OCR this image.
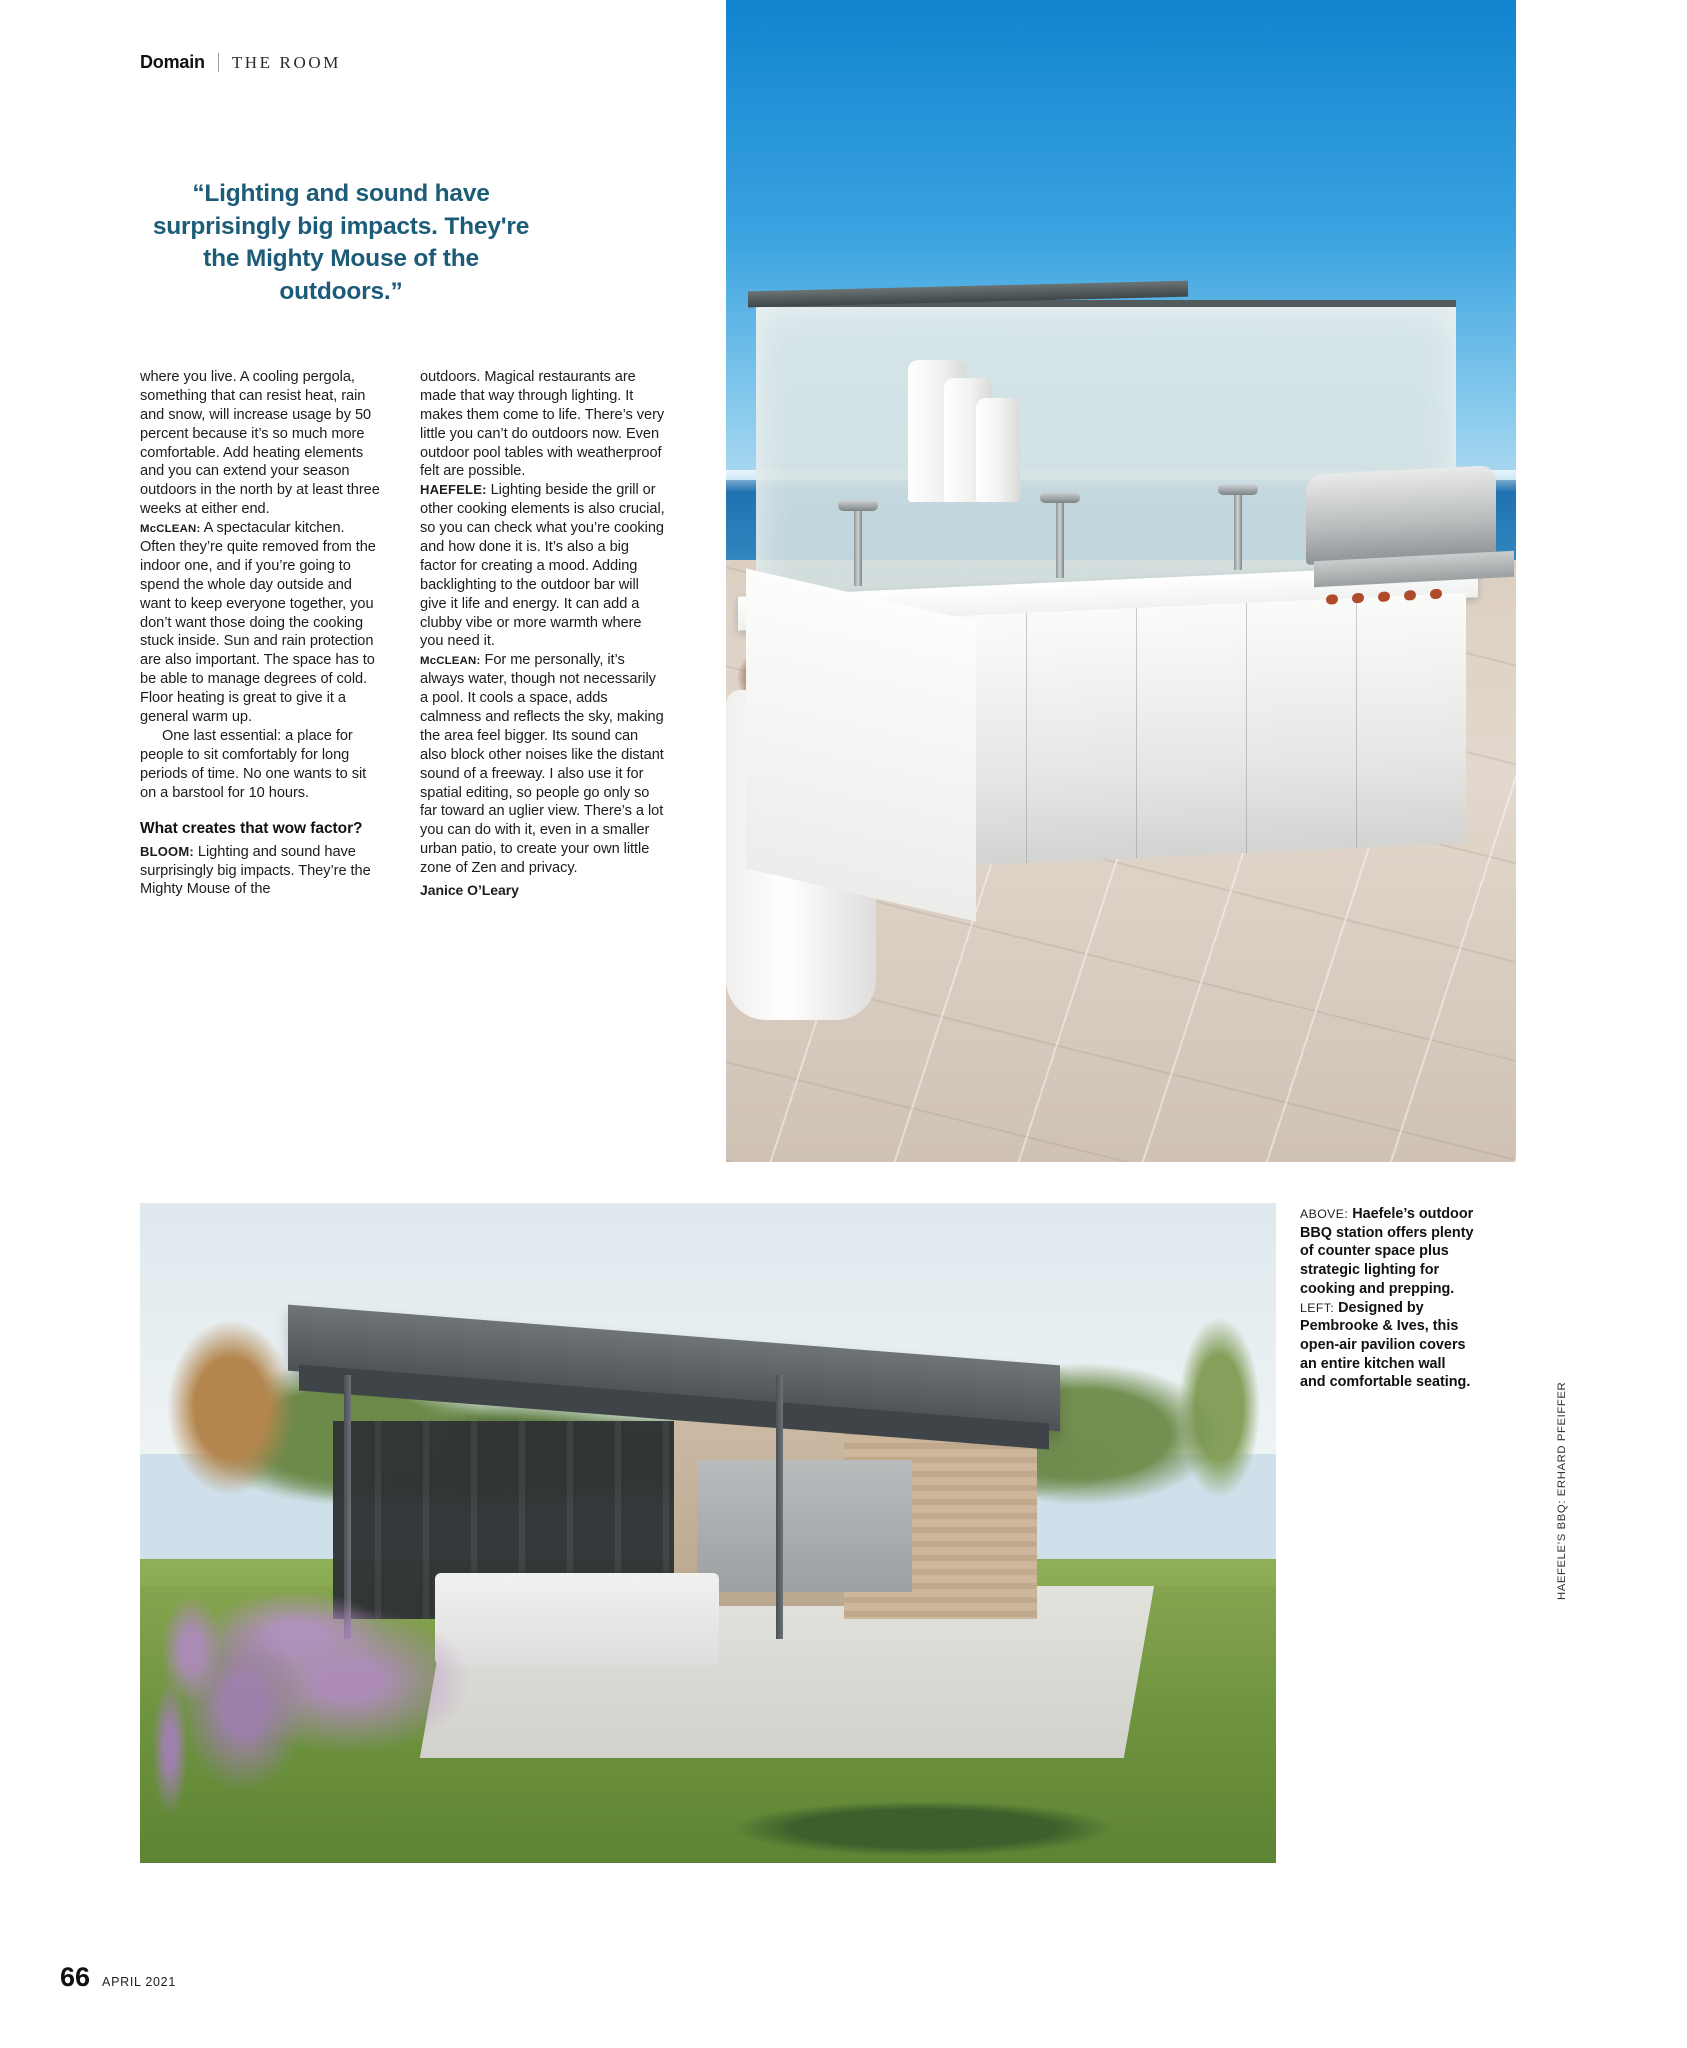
Domain THE ROOM
“Lighting and sound have surprisingly big impacts. They're the Mighty Mouse of the outdoors.”

where you live. A cooling pergola, something that can resist heat, rain and snow, will increase usage by 50 percent because it’s so much more comfortable. Add heating elements and you can extend your season outdoors in the north by at least three weeks at either end.

McCLEAN: A spectacular kitchen. Often they’re quite removed from the indoor one, and if you’re going to spend the whole day outside and want to keep everyone together, you don’t want those doing the cooking stuck inside. Sun and rain protection are also important. The space has to be able to manage degrees of cold. Floor heating is great to give it a general warm up.

One last essential: a place for people to sit comfortably for long periods of time. No one wants to sit on a barstool for 10 hours.

What creates that wow factor?

BLOOM: Lighting and sound have surprisingly big impacts. They’re the Mighty Mouse of the

outdoors. Magical restaurants are made that way through lighting. It makes them come to life. There’s very little you can’t do outdoors now. Even outdoor pool tables with weatherproof felt are possible.

HAEFELE: Lighting beside the grill or other cooking elements is also crucial, so you can check what you’re cooking and how done it is. It’s also a big factor for creating a mood. Adding backlighting to the outdoor bar will give it life and energy. It can add a clubby vibe or more warmth where you need it.

McCLEAN: For me personally, it’s always water, though not necessarily a pool. It cools a space, adds calmness and reflects the sky, making the area feel bigger. Its sound can also block other noises like the distant sound of a freeway. I also use it for spatial editing, so people go only so far toward an uglier view. There’s a lot you can do with it, even in a smaller urban patio, to create your own little zone of Zen and privacy.

Janice O’Leary

ABOVE: Haefele’s outdoor BBQ station offers plenty of counter space plus strategic lighting for cooking and prepping.

LEFT: Designed by Pembrooke & Ives, this open-air pavilion covers an entire kitchen wall and comfortable seating.	HAEFELE’S BBQ: ERHARD PFEIFFER
66 APRIL 2021
